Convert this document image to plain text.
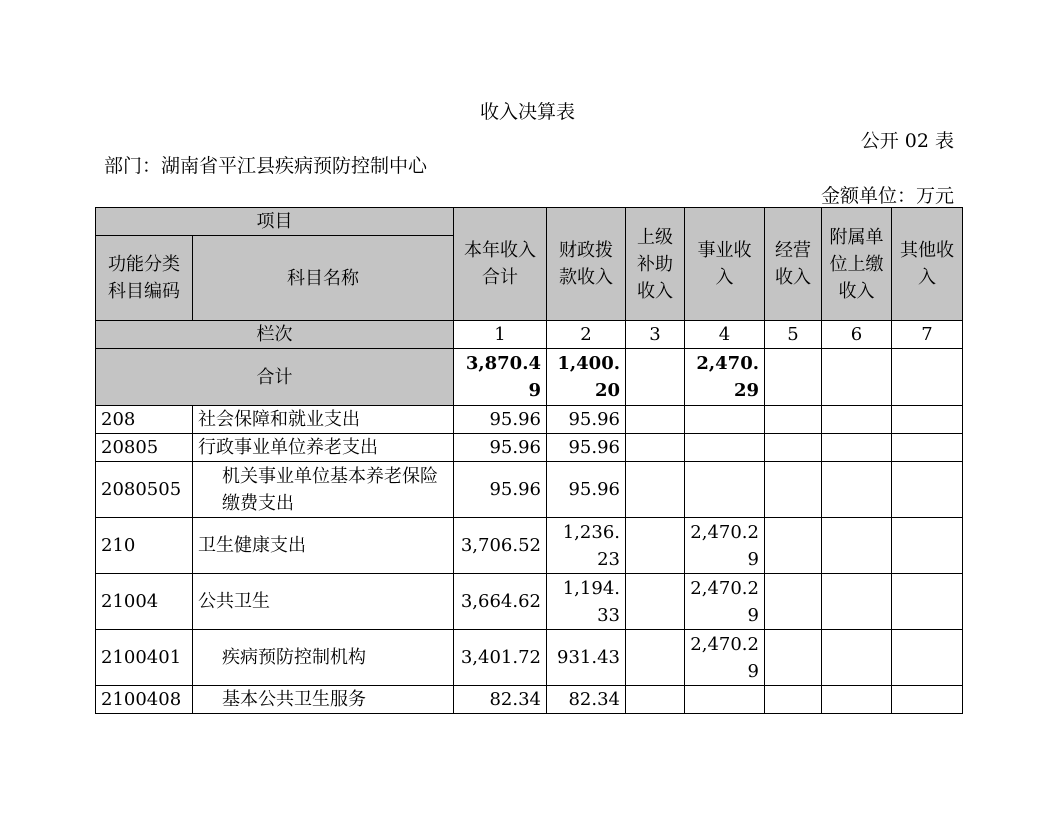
收入决算表
公开 02 表
部门：湖南省平江县疾病预防控制中心
金额单位：万元
项目		本年收入合计	财政拨款收入	上级补助收入	事业收入	经营收入	附属单位上缴收入	其他收入
功能分类科目编码	科目名称							
栏次		1	2	3	4	5	6	7
合计		3,870.49	1,400.20		2,470.29			
208	社会保障和就业支出	95.96	95.96					
20805	行政事业单位养老支出	95.96	95.96					
2080505	机关事业单位基本养老保险缴费支出	95.96	95.96					
210	卫生健康支出	3,706.52	1,236.23		2,470.29			
21004	公共卫生	3,664.62	1,194.33		2,470.29			
2100401	疾病预防控制机构	3,401.72	931.43		2,470.29			
2100408	基本公共卫生服务	82.34	82.34					
